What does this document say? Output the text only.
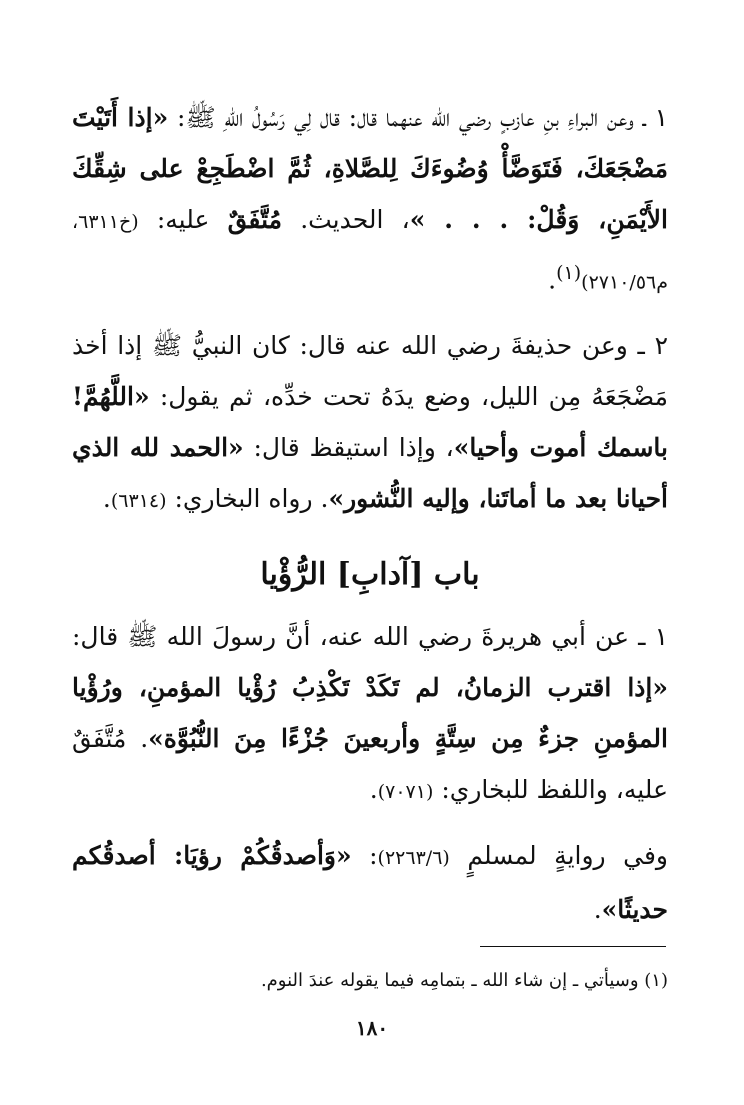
١ ـ وعن البراءِ بنِ عازبٍ رضي الله عنهما قال: قال لِي رَسُولُ اللهِ ﷺ: «إذا أَتَيْتَ مَضْجَعَكَ، فَتَوَضَّأْ وُضُوءَكَ لِلصَّلاةِ، ثُمَّ اضْطَجِعْ على شِقِّكَ الأَيْمَنِ، وَقُلْ: . . . »، الحديث. مُتَّفَقٌ عليه: (خ٦٣١١، م٢٧١٠/٥٦)$^{(١)}$.

٢ ـ وعن حذيفةَ رضي الله عنه قال: كان النبيُّ ﷺ إذا أخذ مَضْجَعَهُ مِن الليل، وضع يدَهُ تحت خدِّه، ثم يقول: «اللَّهُمَّ! باسمك أموت وأحيا»، وإذا استيقظ قال: «الحمد لله الذي أحيانا بعد ما أماتَنا، وإليه النُّشور». رواه البخاري: (٦٣١٤).

باب [آدابِ] الرُّؤْيا

١ ـ عن أبي هريرةَ رضي الله عنه، أنَّ رسولَ الله ﷺ قال: «إذا اقترب الزمانُ، لم تَكَدْ تَكْذِبُ رُؤْيا المؤمنِ، ورُؤْيا المؤمنِ جزءٌ مِن سِتَّةٍ وأربعينَ جُزْءًا مِنَ النُّبُوَّة». مُتَّفَقٌ عليه، واللفظ للبخاري: (٧٠٧١).

وفي روايةٍ لمسلمٍ (٢٢٦٣/٦): «وَأصدقُكُمْ رؤيَا: أصدقُكم حديثًا».

(١) وسيأتي ـ إن شاء الله ـ بتمامِه فيما يقوله عندَ النوم.
١٨٠
